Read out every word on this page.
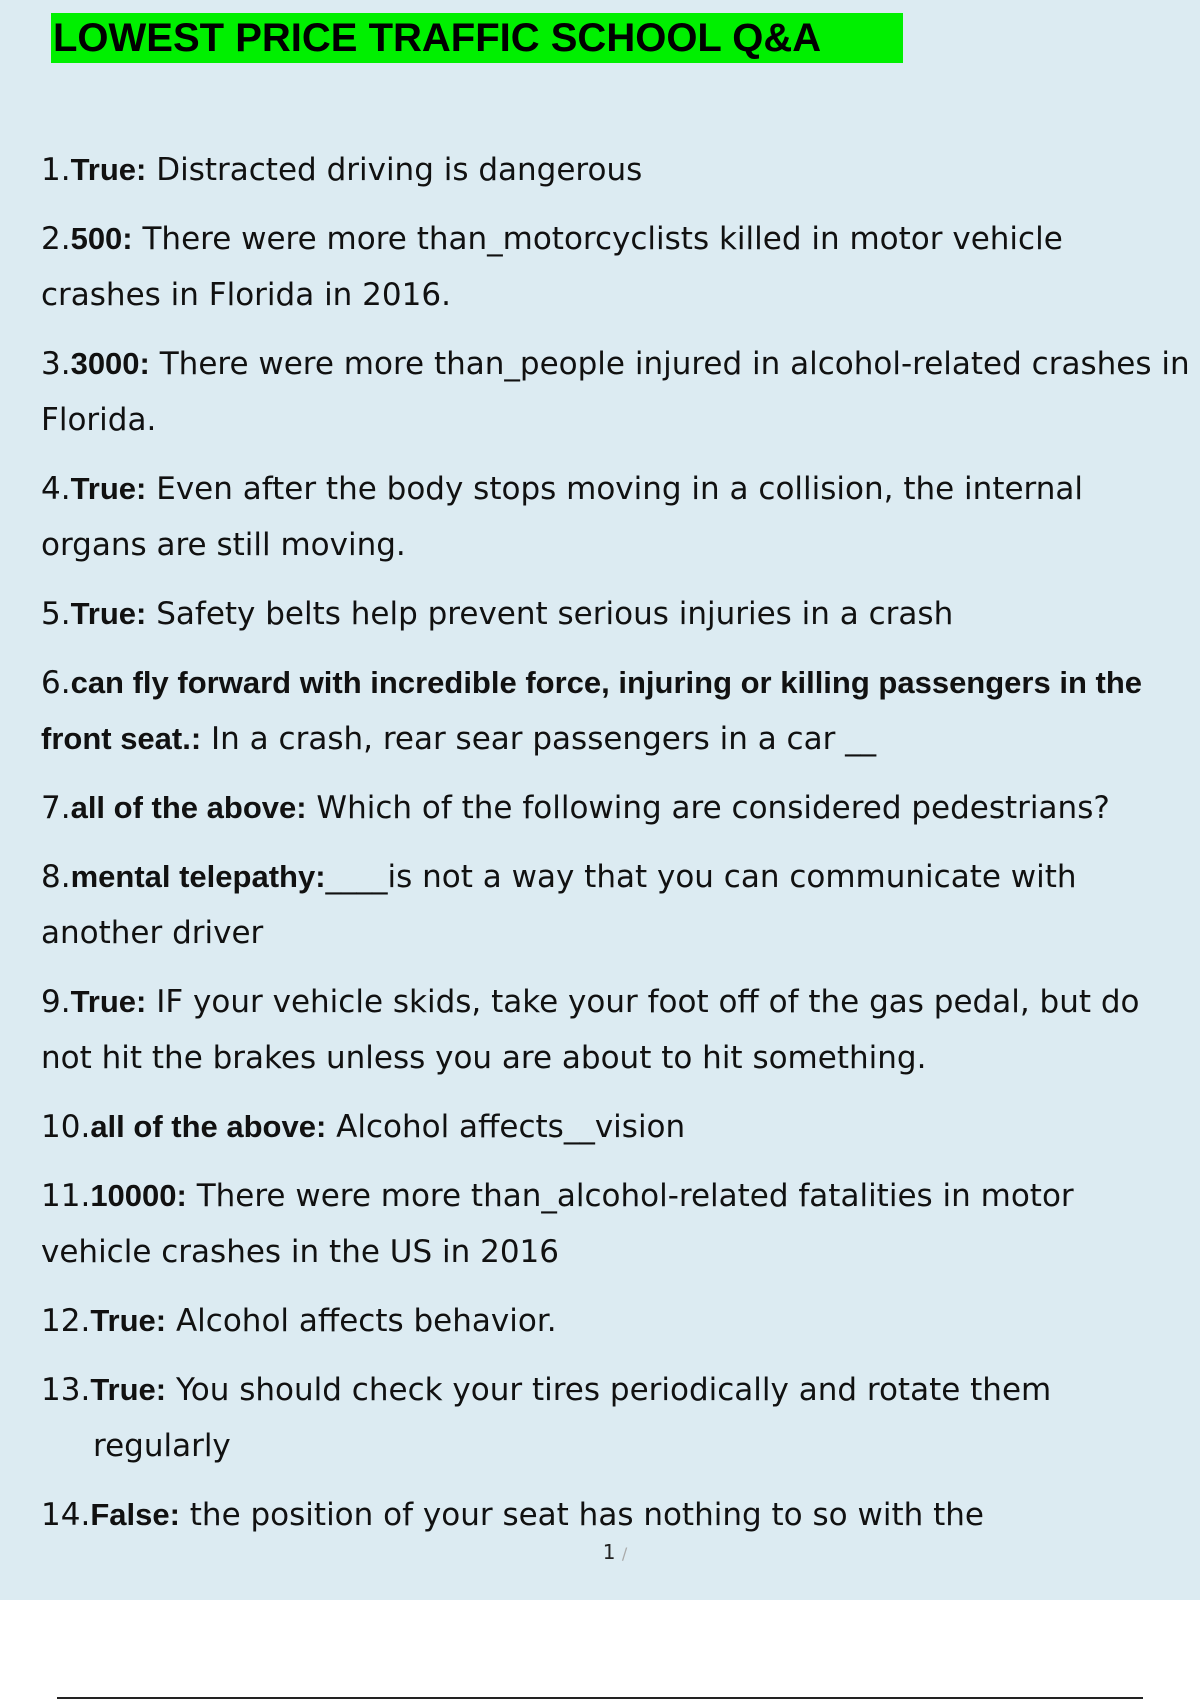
LOWEST PRICE TRAFFIC SCHOOL Q&A
1.True: Distracted driving is dangerous
2.500: There were more than_motorcyclists killed in motor vehicle crashes in Florida in 2016.
3.3000: There were more than_people injured in alcohol-related crashes in Florida.
4.True: Even after the body stops moving in a collision, the internal organs are still moving.
5.True: Safety belts help prevent serious injuries in a crash
6.can fly forward with incredible force, injuring or killing passengers in the front seat.: In a crash, rear sear passengers in a car __
7.all of the above: Which of the following are considered pedestrians?
8.mental telepathy:____is not a way that you can communicate with another driver
9.True: IF your vehicle skids, take your foot off of the gas pedal, but do not hit the brakes unless you are about to hit something.
10.all of the above: Alcohol affects__vision
11.10000: There were more than_alcohol-related fatalities in motor vehicle crashes in the US in 2016
12.True: Alcohol affects behavior.
13.True: You should check your tires periodically and rotate them regularly
14.False: the position of your seat has nothing to so with the
1 /
